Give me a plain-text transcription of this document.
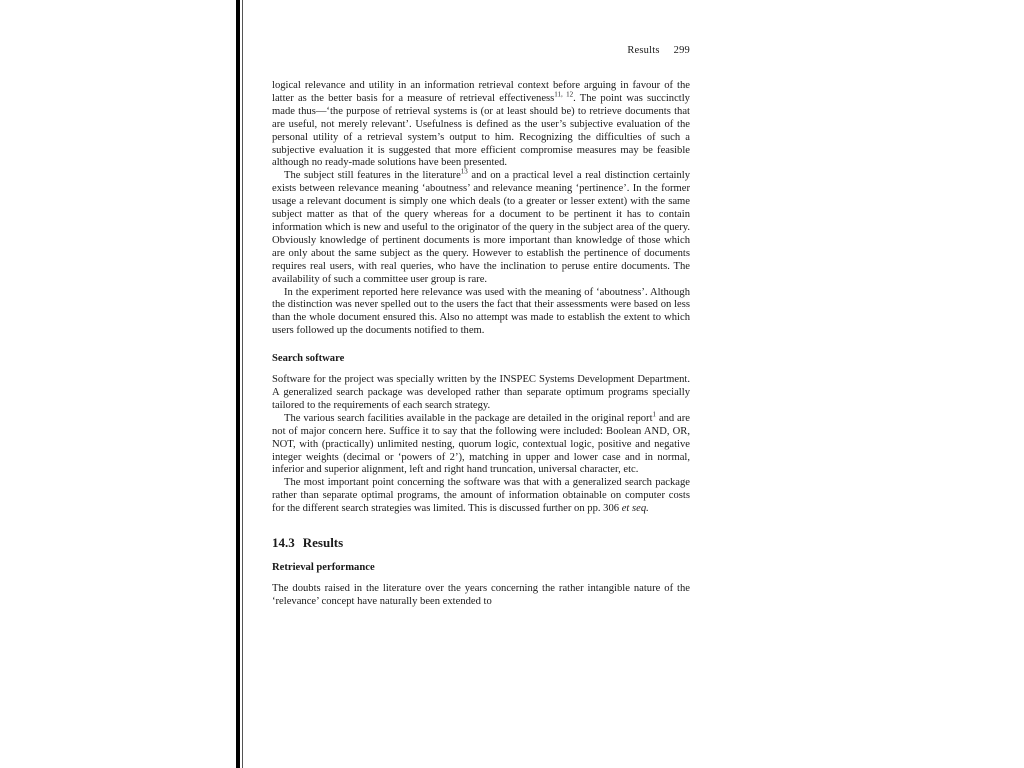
Results 299

logical relevance and utility in an information retrieval context before arguing in favour of the latter as the better basis for a measure of retrieval effectiveness$^{11, 12}$. The point was succinctly made thus—‘the purpose of retrieval systems is (or at least should be) to retrieve documents that are useful, not merely relevant’. Usefulness is defined as the user’s subjective evaluation of the personal utility of a retrieval system’s output to him. Recognizing the difficulties of such a subjective evaluation it is suggested that more efficient compromise measures may be feasible although no ready-made solutions have been presented.

The subject still features in the literature$^{13}$ and on a practical level a real distinction certainly exists between relevance meaning ‘aboutness’ and relevance meaning ‘pertinence’. In the former usage a relevant document is simply one which deals (to a greater or lesser extent) with the same subject matter as that of the query whereas for a document to be pertinent it has to contain information which is new and useful to the originator of the query in the subject area of the query. Obviously knowledge of pertinent documents is more important than knowledge of those which are only about the same subject as the query. However to establish the pertinence of documents requires real users, with real queries, who have the inclination to peruse entire documents. The availability of such a committee user group is rare.

In the experiment reported here relevance was used with the meaning of ‘aboutness’. Although the distinction was never spelled out to the users the fact that their assessments were based on less than the whole document ensured this. Also no attempt was made to establish the extent to which users followed up the documents notified to them.

Search software

Software for the project was specially written by the INSPEC Systems Development Department. A generalized search package was developed rather than separate optimum programs specially tailored to the requirements of each search strategy.

The various search facilities available in the package are detailed in the original report$^1$ and are not of major concern here. Suffice it to say that the following were included: Boolean AND, OR, NOT, with (practically) unlimited nesting, quorum logic, contextual logic, positive and negative integer weights (decimal or ‘powers of 2’), matching in upper and lower case and in normal, inferior and superior alignment, left and right hand truncation, universal character, etc.

The most important point concerning the software was that with a generalized search package rather than separate optimal programs, the amount of information obtainable on computer costs for the different search strategies was limited. This is discussed further on pp. 306 et seq.

14.3 Results
Retrieval performance

The doubts raised in the literature over the years concerning the rather intangible nature of the ‘relevance’ concept have naturally been extended to
